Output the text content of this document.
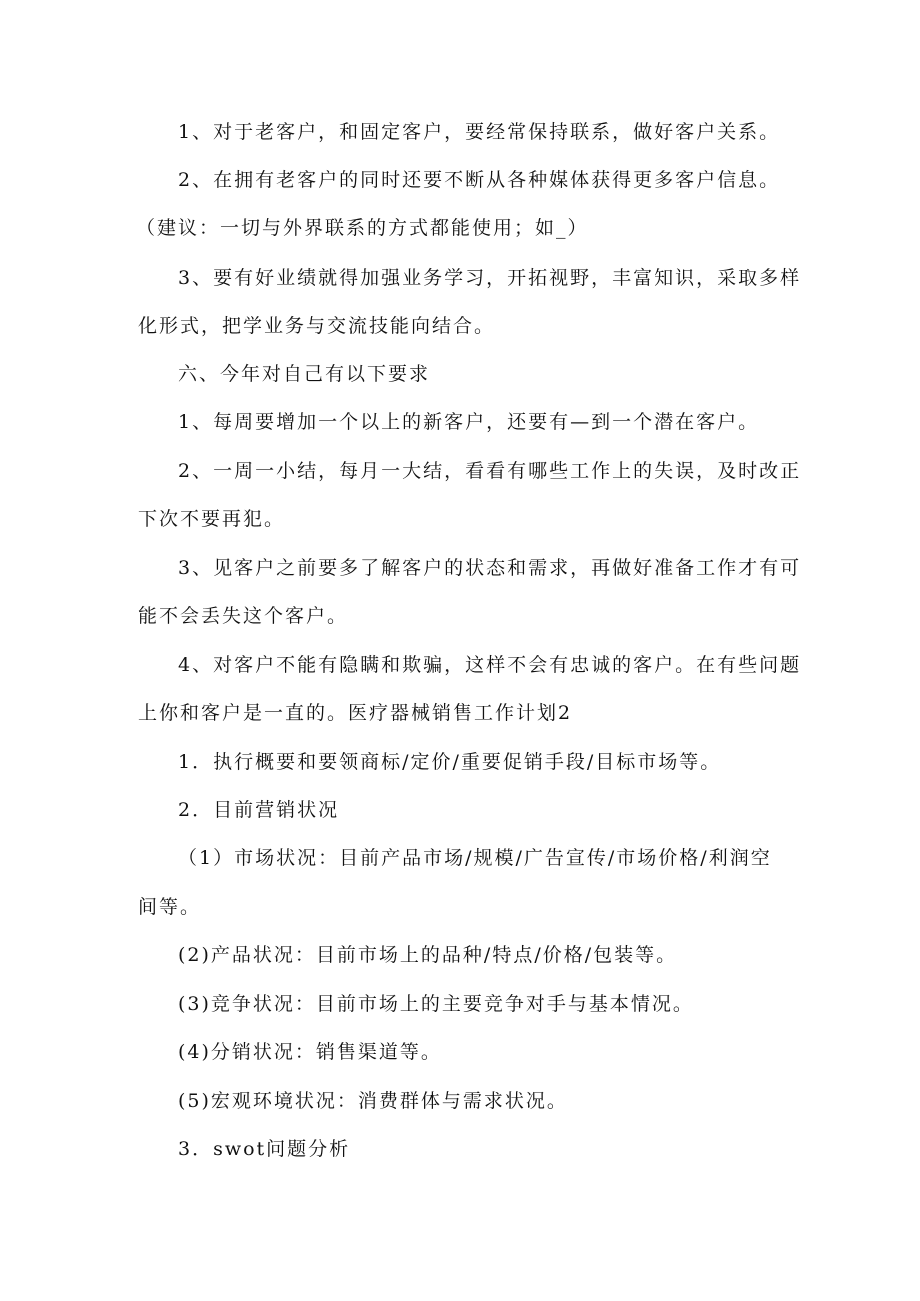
1、对于老客户，和固定客户，要经常保持联系，做好客户关系。
2、在拥有老客户的同时还要不断从各种媒体获得更多客户信息。
（建议：一切与外界联系的方式都能使用；如_）
3、要有好业绩就得加强业务学习，开拓视野，丰富知识，采取多样
化形式，把学业务与交流技能向结合。
六、今年对自己有以下要求
1、每周要增加一个以上的新客户，还要有—到一个潜在客户。
2、一周一小结，每月一大结，看看有哪些工作上的失误，及时改正
下次不要再犯。
3、见客户之前要多了解客户的状态和需求，再做好准备工作才有可
能不会丢失这个客户。
4、对客户不能有隐瞒和欺骗，这样不会有忠诚的客户。在有些问题
上你和客户是一直的。医疗器械销售工作计划2
1．执行概要和要领商标/定价/重要促销手段/目标市场等。
2．目前营销状况
（1）市场状况：目前产品市场/规模/广告宣传/市场价格/利润空
间等。
(2)产品状况：目前市场上的品种/特点/价格/包装等。
(3)竞争状况：目前市场上的主要竞争对手与基本情况。
(4)分销状况：销售渠道等。
(5)宏观环境状况：消费群体与需求状况。
3．swot问题分析
